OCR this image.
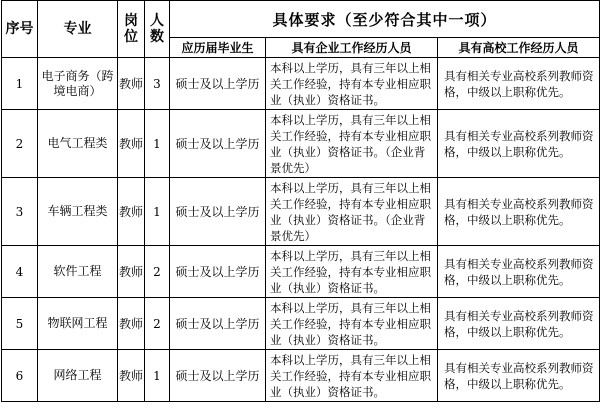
序号	专业	岗位	人数	具体要求（至少符合其中一项）		
				应历届毕业生	具有企业工作经历人员	具有高校工作经历人员
1	电子商务（跨境电商）	教师	3	硕士及以上学历	本科以上学历，具有三年以上相关工作经验，持有本专业相应职业（执业）资格证书。	具有相关专业高校系列教师资格，中级以上职称优先。
2	电气工程类	教师	1	硕士及以上学历	本科以上学历，具有三年以上相关工作经验，持有本专业相应职业（执业）资格证书。（企业背景优先）	具有相关专业高校系列教师资格，中级以上职称优先。
3	车辆工程类	教师	1	硕士及以上学历	本科以上学历，具有三年以上相关工作经验，持有本专业相应职业（执业）资格证书。（企业背景优先）	具有相关专业高校系列教师资格，中级以上职称优先。
4	软件工程	教师	2	硕士及以上学历	本科以上学历，具有三年以上相关工作经验，持有本专业相应职业（执业）资格证书。	具有相关专业高校系列教师资格，中级以上职称优先。
5	物联网工程	教师	2	硕士及以上学历	本科以上学历，具有三年以上相关工作经验，持有本专业相应职业（执业）资格证书。	具有相关专业高校系列教师资格，中级以上职称优先。
6	网络工程	教师	1	硕士及以上学历	本科以上学历，具有三年以上相关工作经验，持有本专业相应职业（执业）资格证书。	具有相关专业高校系列教师资格，中级以上职称优先。
